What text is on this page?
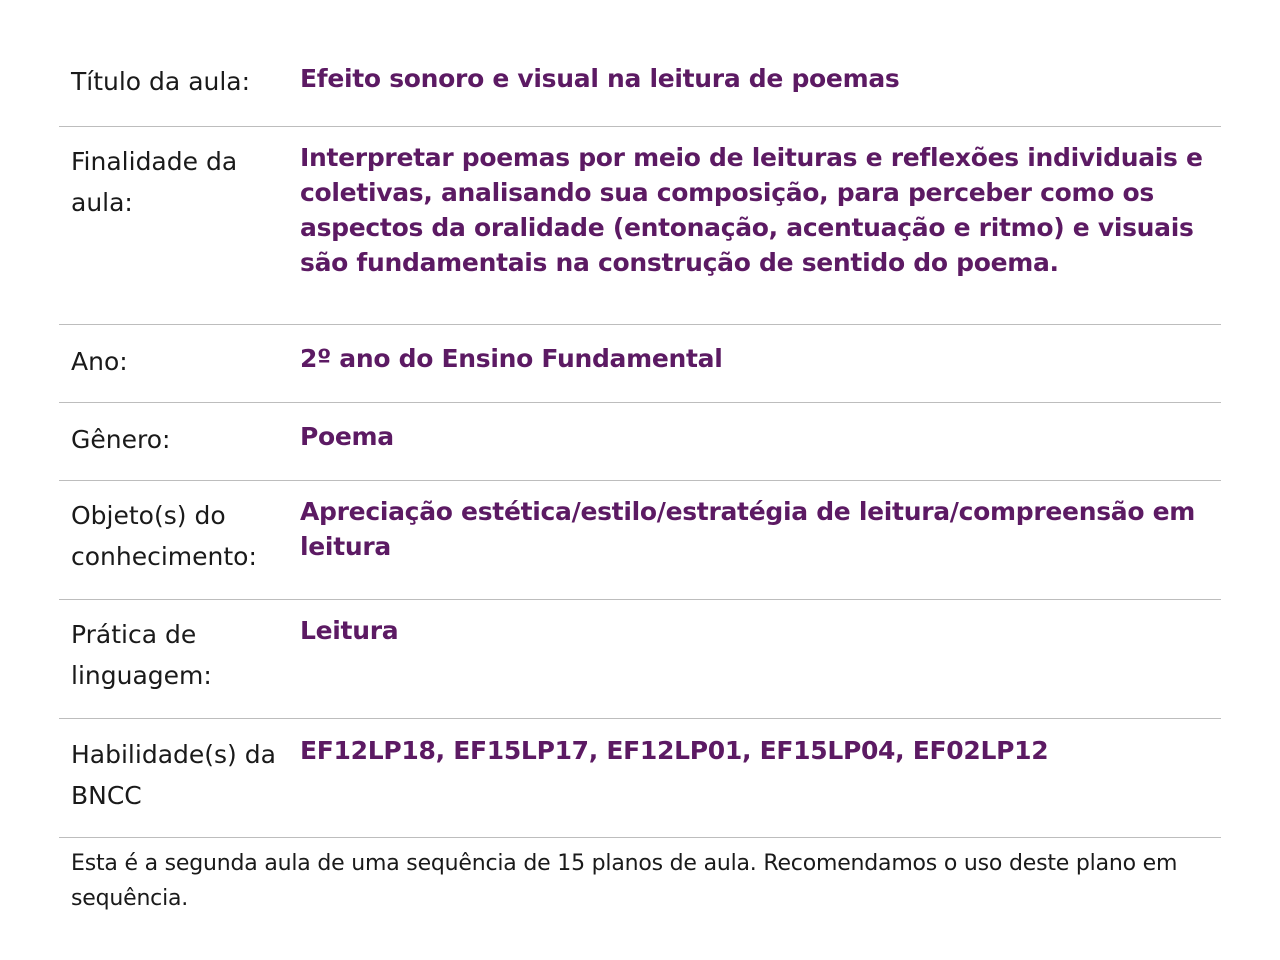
Título da aula:	Efeito sonoro e visual na leitura de poemas
Finalidade da aula:
Interpretar poemas por meio de leituras e reflexões individuais e coletivas, analisando sua composição, para perceber como os aspectos da oralidade (entonação, acentuação e ritmo) e visuais são fundamentais na construção de sentido do poema.
Ano:	2º ano do Ensino Fundamental
Gênero:	Poema
Objeto(s) do conhecimento:
Apreciação estética/estilo/estratégia de leitura/compreensão em leitura
Prática de linguagem:
Leitura
Habilidade(s) da BNCC
EF12LP18, EF15LP17, EF12LP01, EF15LP04, EF02LP12
Esta é a segunda aula de uma sequência de 15 planos de aula. Recomendamos o uso deste plano em sequência.
